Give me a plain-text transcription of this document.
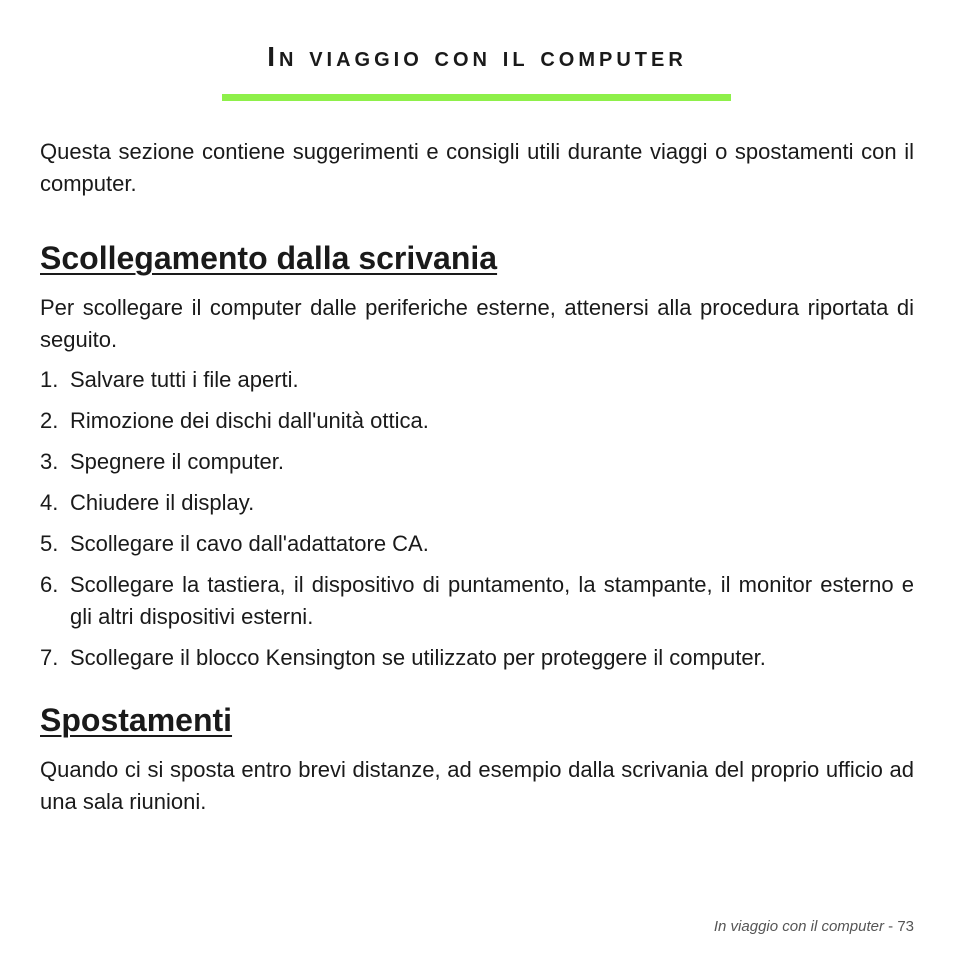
In viaggio con il computer

Questa sezione contiene suggerimenti e consigli utili durante viaggi o spostamenti con il computer.

Scollegamento dalla scrivania

Per scollegare il computer dalle periferiche esterne, attenersi alla procedura riportata di seguito.

1. Salvare tutti i file aperti.
2. Rimozione dei dischi dall'unità ottica.
3. Spegnere il computer.
4. Chiudere il display.
5. Scollegare il cavo dall'adattatore CA.
6. Scollegare la tastiera, il dispositivo di puntamento, la stampante, il monitor esterno e gli altri dispositivi esterni.
7. Scollegare il blocco Kensington se utilizzato per proteggere il computer.
Spostamenti

Quando ci si sposta entro brevi distanze, ad esempio dalla scrivania del proprio ufficio ad una sala riunioni.

In viaggio con il computer - 73
